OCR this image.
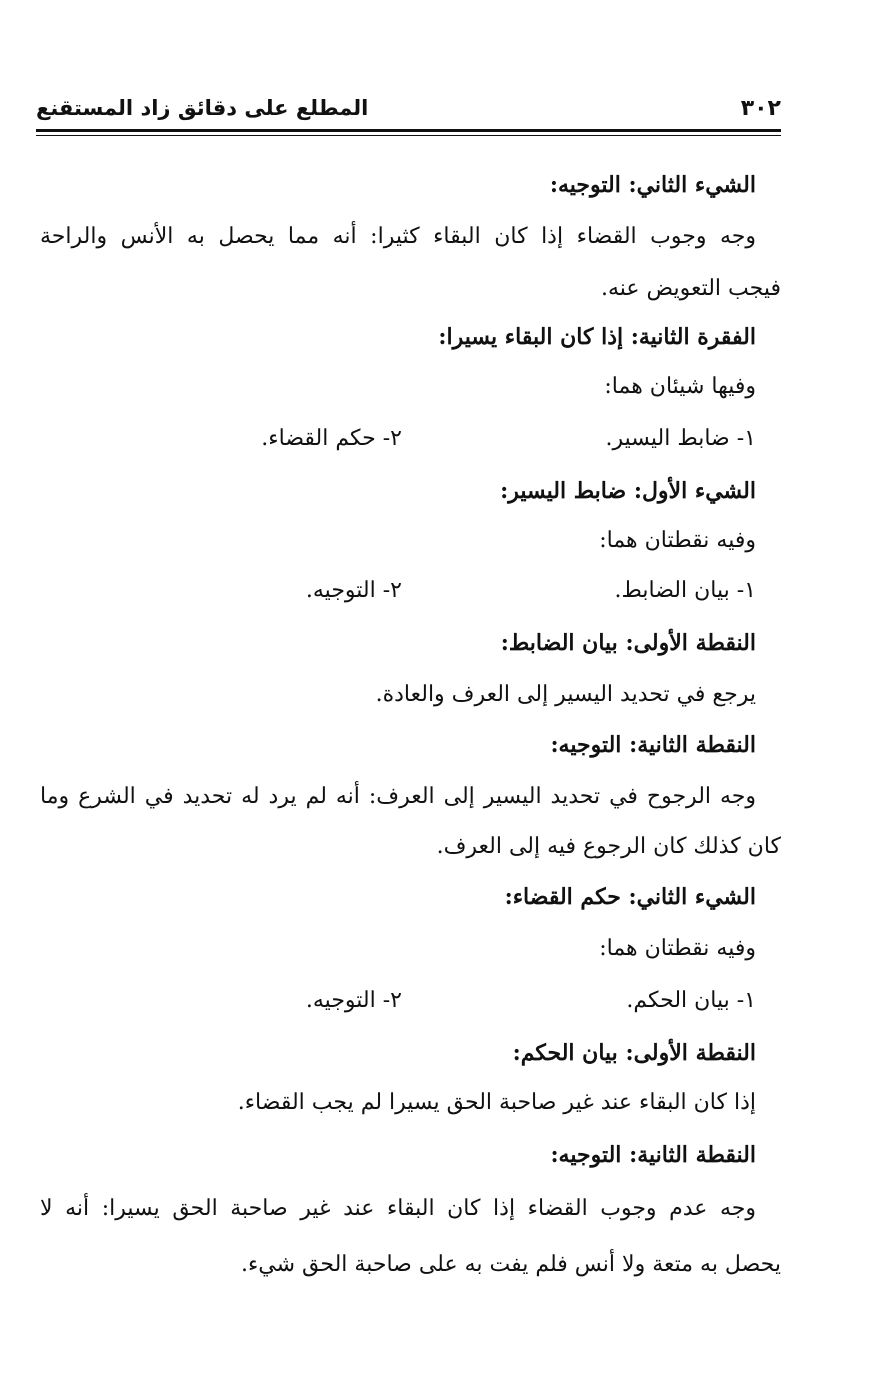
٣٠٢
المطلع على دقائق زاد المستقنع
الشيء الثاني: التوجيه:
وجه وجوب القضاء إذا كان البقاء كثيرا: أنه مما يحصل به الأنس والراحة
فيجب التعويض عنه.
الفقرة الثانية: إذا كان البقاء يسيرا:
وفيها شيئان هما:
١- ضابط اليسير.
٢- حكم القضاء.
الشيء الأول: ضابط اليسير:
وفيه نقطتان هما:
١- بيان الضابط.
٢- التوجيه.
النقطة الأولى: بيان الضابط:
يرجع في تحديد اليسير إلى العرف والعادة.
النقطة الثانية: التوجيه:
وجه الرجوح في تحديد اليسير إلى العرف: أنه لم يرد له تحديد في الشرع وما
كان كذلك كان الرجوع فيه إلى العرف.
الشيء الثاني: حكم القضاء:
وفيه نقطتان هما:
١- بيان الحكم.
٢- التوجيه.
النقطة الأولى: بيان الحكم:
إذا كان البقاء عند غير صاحبة الحق يسيرا لم يجب القضاء.
النقطة الثانية: التوجيه:
وجه عدم وجوب القضاء إذا كان البقاء عند غير صاحبة الحق يسيرا: أنه لا
يحصل به متعة ولا أنس فلم يفت به على صاحبة الحق شيء.
